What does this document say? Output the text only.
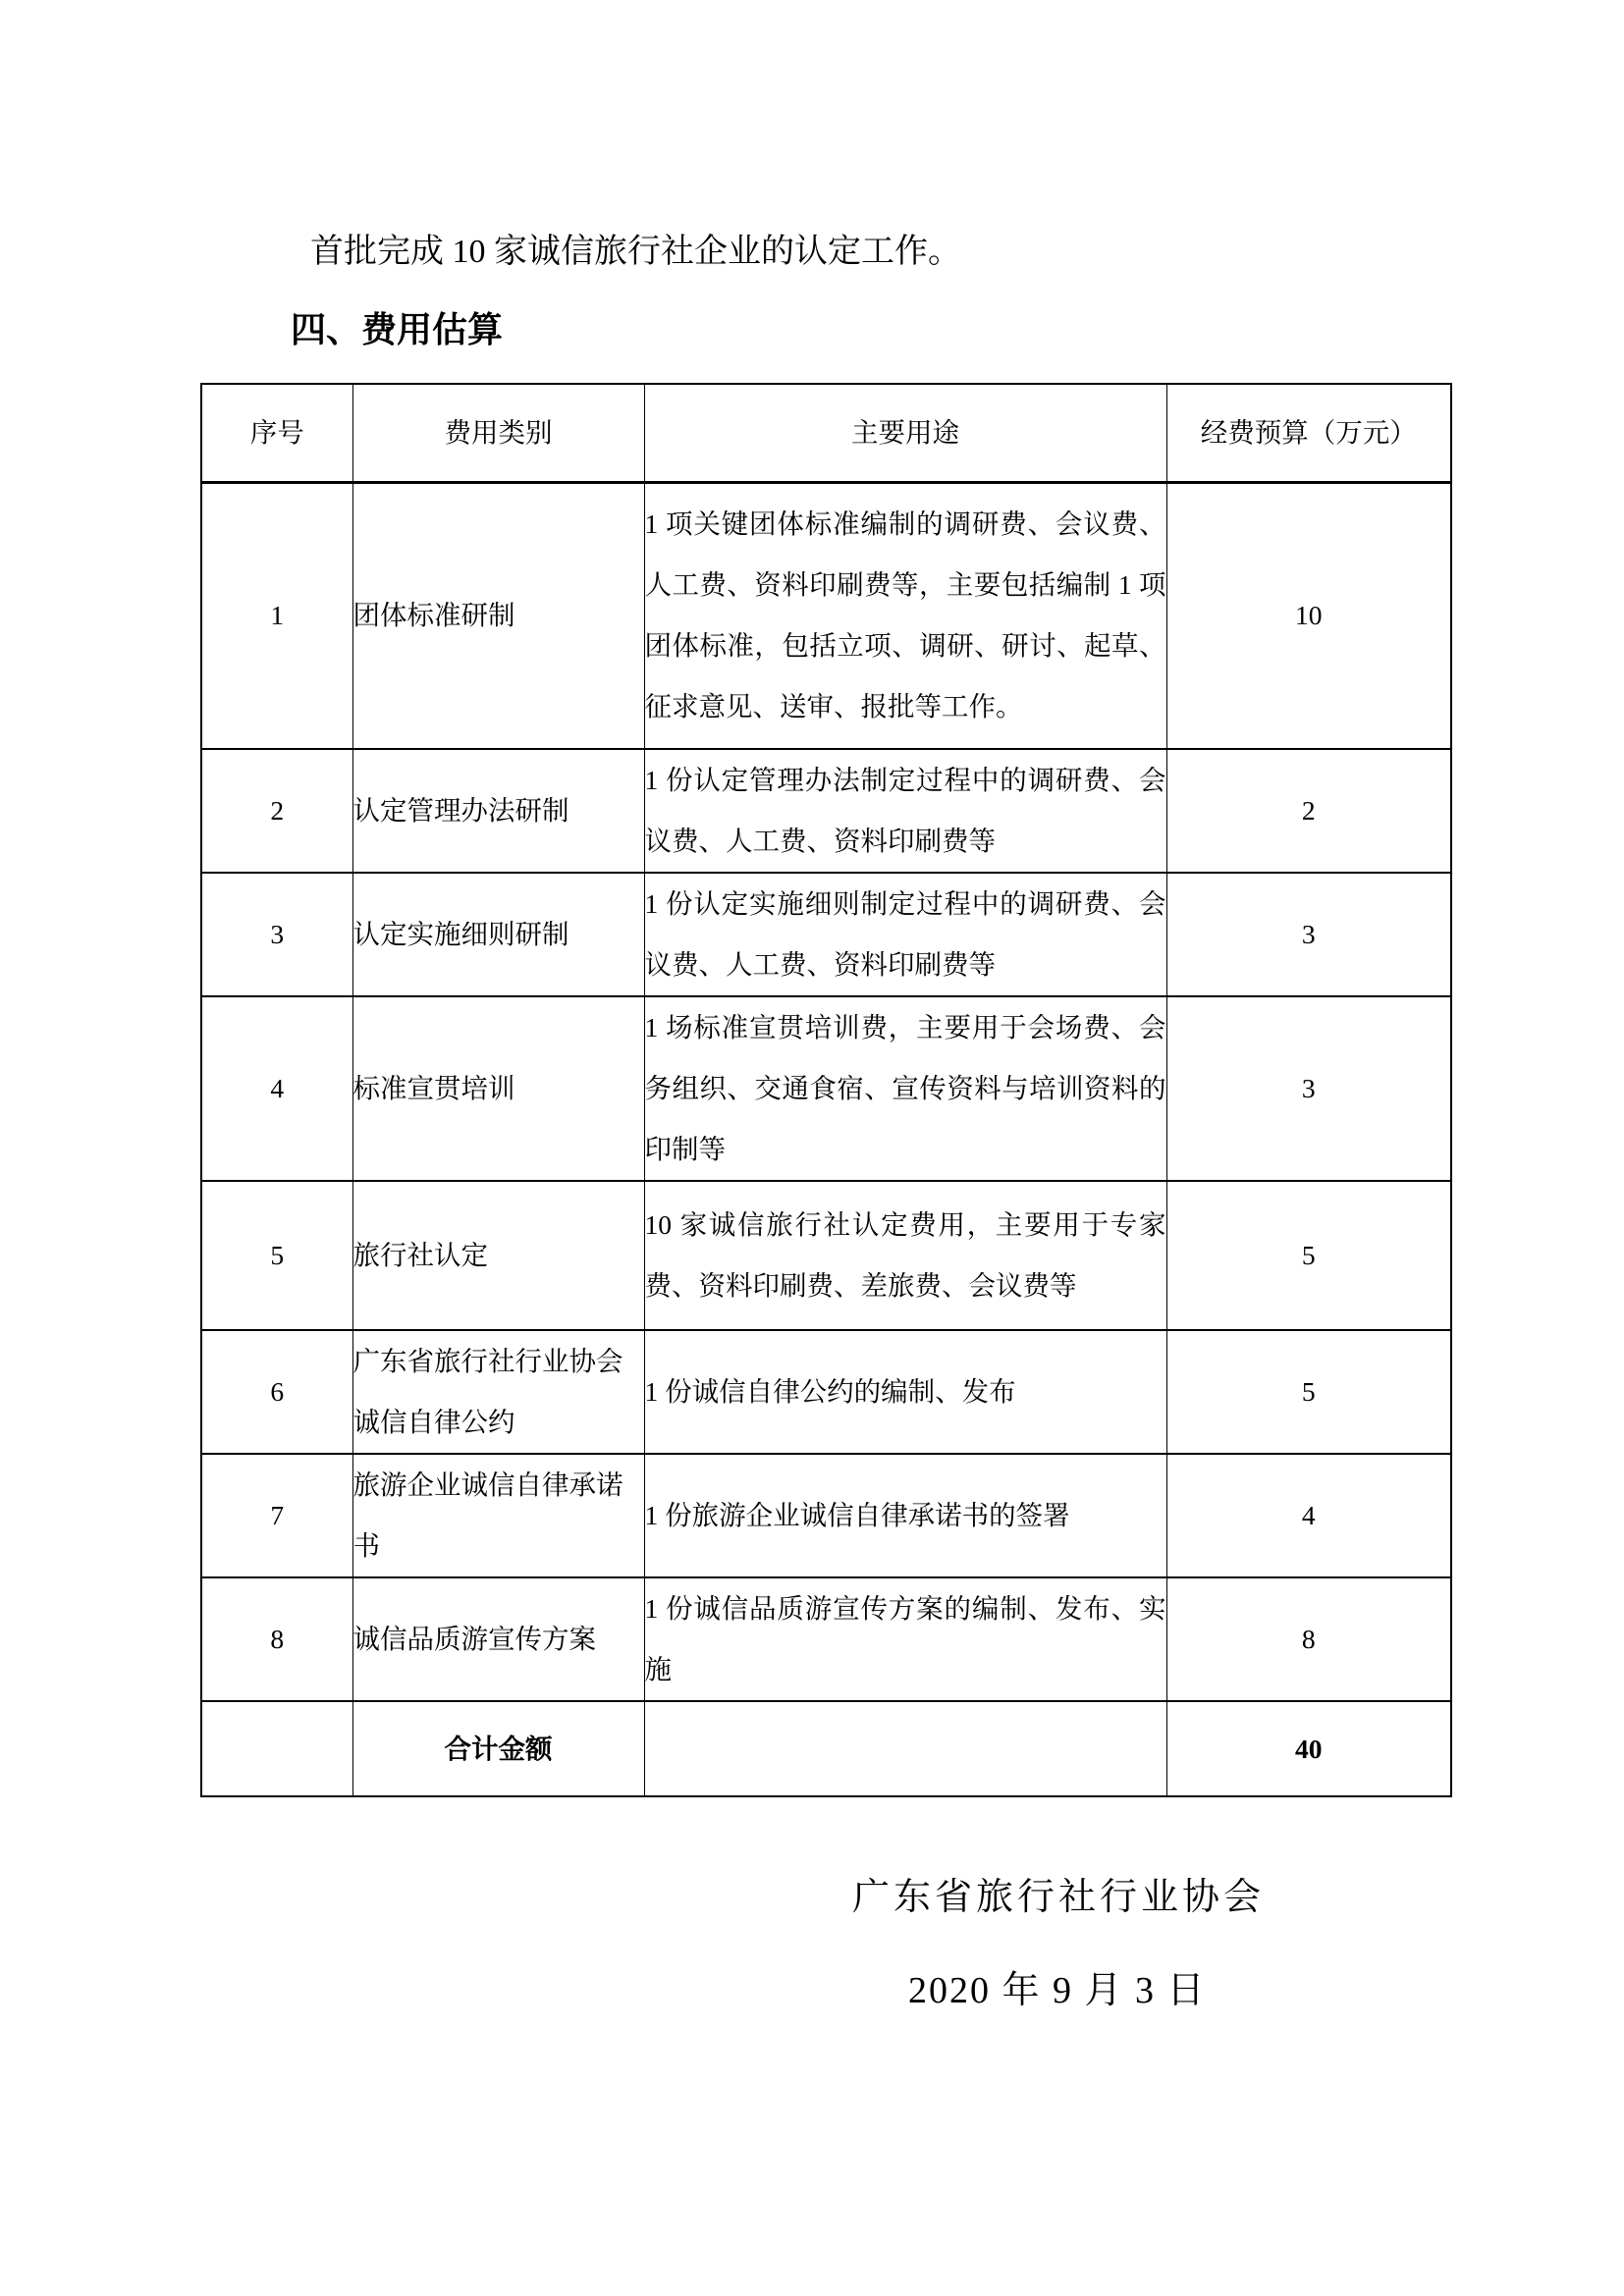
首批完成 10 家诚信旅行社企业的认定工作。
四、费用估算
序号	费用类别	主要用途	经费预算（万元）
1	团体标准研制	1 项关键团体标准编制的调研费、会议费、人工费、资料印刷费等，主要包括编制 1 项团体标准，包括立项、调研、研讨、起草、征求意见、送审、报批等工作。	10
2	认定管理办法研制	1 份认定管理办法制定过程中的调研费、会议费、人工费、资料印刷费等	2
3	认定实施细则研制	1 份认定实施细则制定过程中的调研费、会议费、人工费、资料印刷费等	3
4	标准宣贯培训	1 场标准宣贯培训费，主要用于会场费、会务组织、交通食宿、宣传资料与培训资料的印制等	3
5	旅行社认定	10 家诚信旅行社认定费用，主要用于专家费、资料印刷费、差旅费、会议费等	5
6	广东省旅行社行业协会诚信自律公约	1 份诚信自律公约的编制、发布	5
7	旅游企业诚信自律承诺书	1 份旅游企业诚信自律承诺书的签署	4
8	诚信品质游宣传方案	1 份诚信品质游宣传方案的编制、发布、实施	8
	合计金额		40
广东省旅行社行业协会
2020 年 9 月 3 日
